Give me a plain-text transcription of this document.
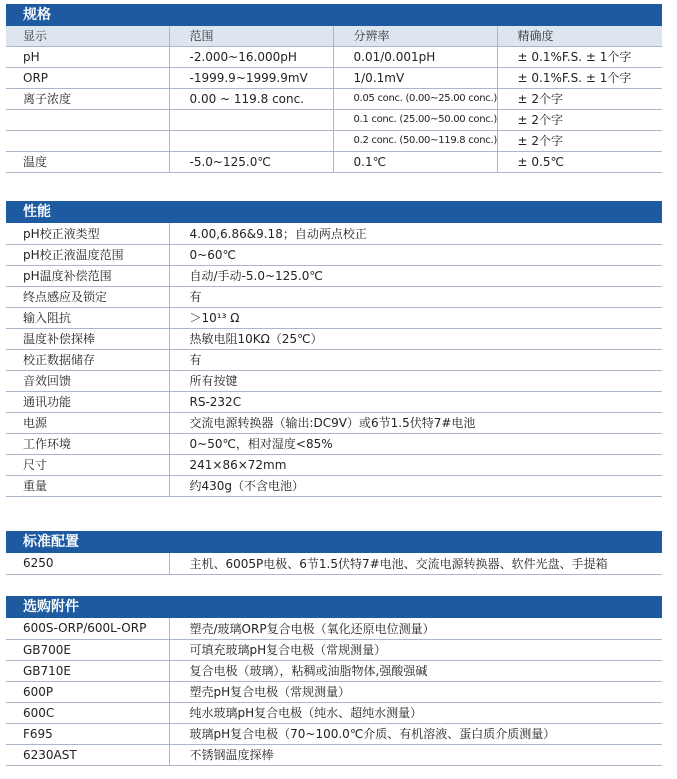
规格
显示	范围	分辨率	精确度
pH	-2.000~16.000pH	0.01/0.001pH	± 0.1%F.S. ± 1个字
ORP	-1999.9~1999.9mV	1/0.1mV	± 0.1%F.S. ± 1个字
离子浓度	0.00 ~ 119.8 conc.	0.05 conc. (0.00~25.00 conc.)	± 2个字
		0.1 conc. (25.00~50.00 conc.)	± 2个字
		0.2 conc. (50.00~119.8 conc.)	± 2个字
温度	-5.0~125.0℃	0.1℃	± 0.5℃
性能
pH校正液类型	4.00,6.86&9.18；自动两点校正
pH校正液温度范围	0~60℃
pH温度补偿范围	自动/手动-5.0~125.0℃
终点感应及锁定	有
输入阻抗	＞10¹³ Ω
温度补偿探棒	热敏电阻10KΩ（25℃）
校正数据储存	有
音效回馈	所有按键
通讯功能	RS-232C
电源	交流电源转换器（输出:DC9V）或6节1.5伏特7#电池
工作环境	0~50℃，相对湿度<85%
尺寸	241×86×72mm
重量	约430g（不含电池）
标准配置
6250	主机、6005P电极、6节1.5伏特7#电池、交流电源转换器、软件光盘、手提箱
选购附件
600S-ORP/600L-ORP	塑壳/玻璃ORP复合电极（氧化还原电位测量）
GB700E	可填充玻璃pH复合电极（常规测量）
GB710E	复合电极（玻璃），粘稠或油脂物体,强酸强碱
600P	塑壳pH复合电极（常规测量）
600C	纯水玻璃pH复合电极（纯水、超纯水测量）
F695	玻璃pH复合电极（70~100.0℃介质、有机溶液、蛋白质介质测量）
6230AST	不锈钢温度探棒
